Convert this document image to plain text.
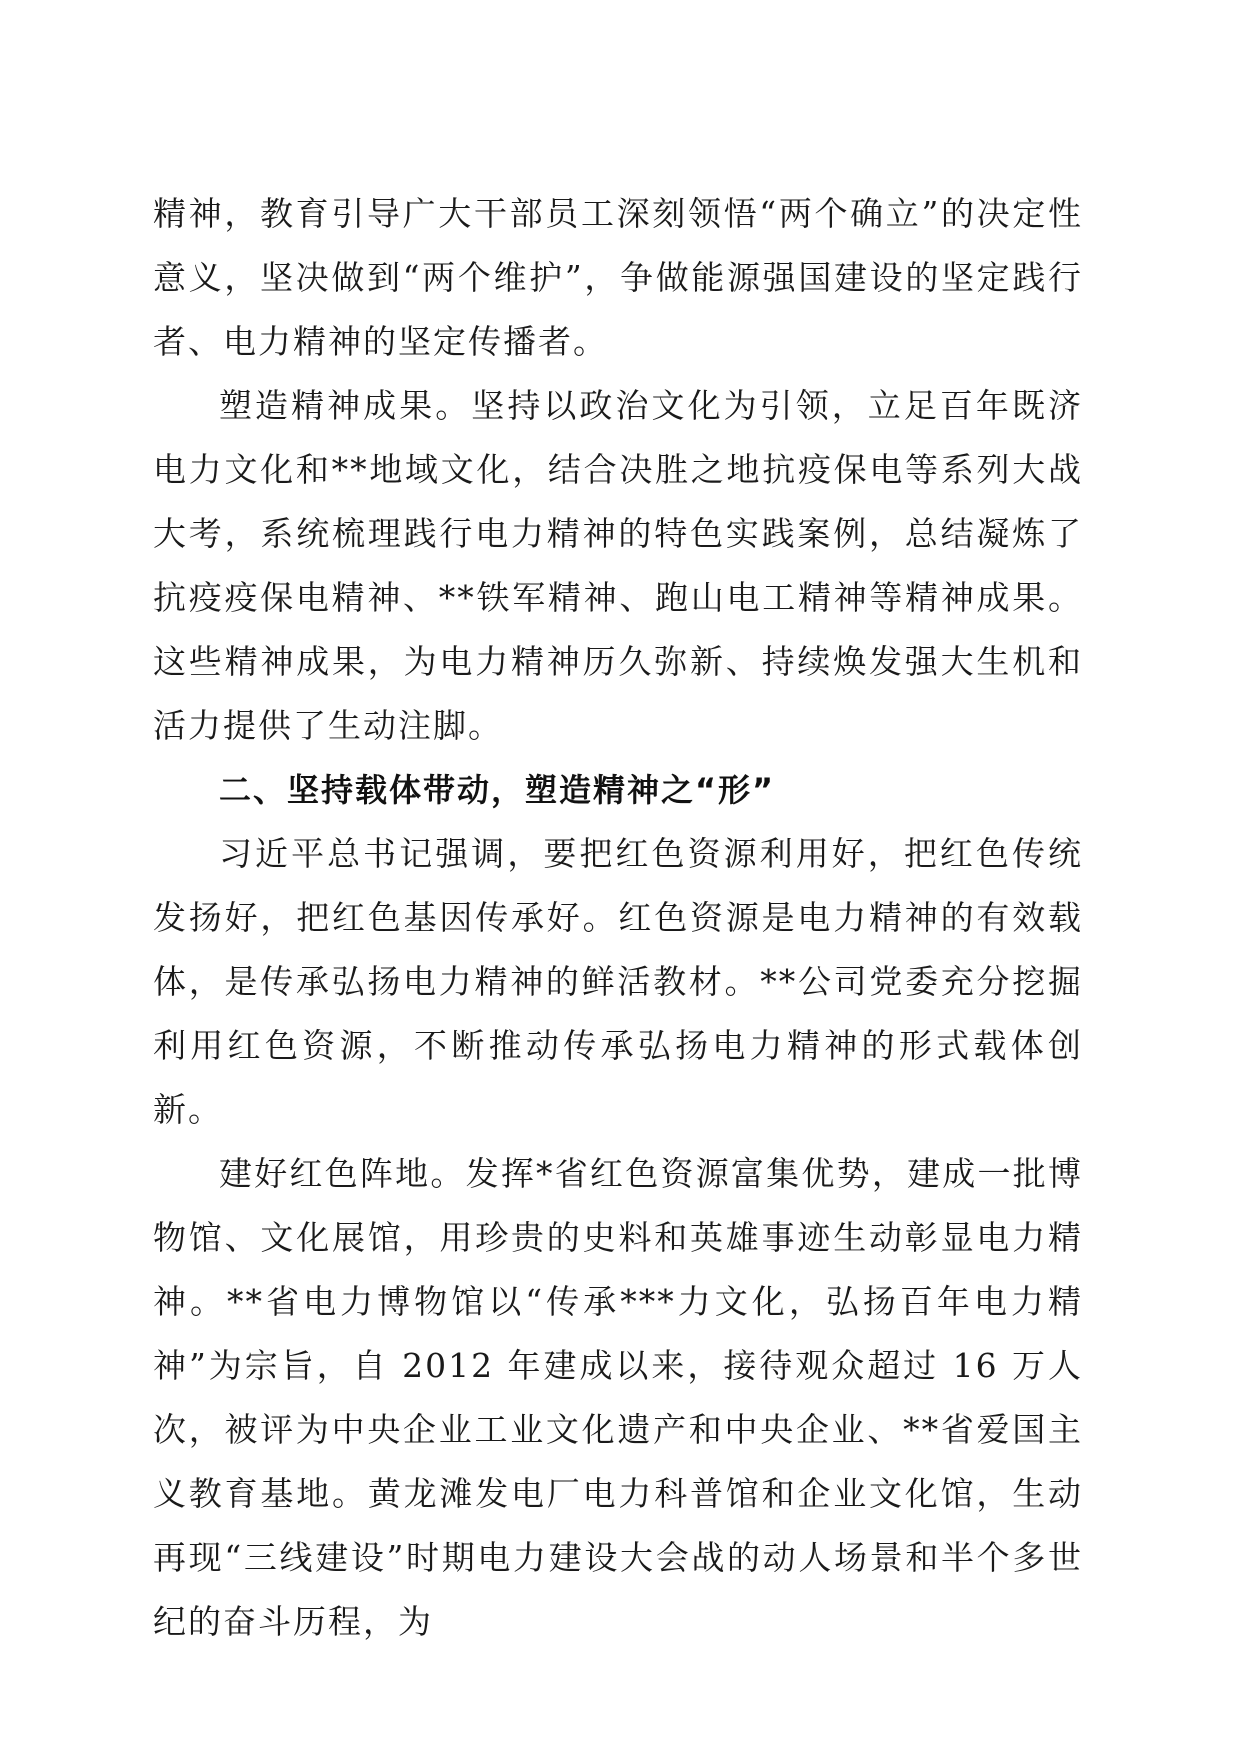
精神，教育引导广大干部员工深刻领悟“两个确立”的决定性意义，坚决做到“两个维护”，争做能源强国建设的坚定践行者、电力精神的坚定传播者。

塑造精神成果。坚持以政治文化为引领，立足百年既济电力文化和**地域文化，结合决胜之地抗疫保电等系列大战大考，系统梳理践行电力精神的特色实践案例，总结凝炼了抗疫疫保电精神、**铁军精神、跑山电工精神等精神成果。这些精神成果，为电力精神历久弥新、持续焕发强大生机和活力提供了生动注脚。

二、坚持载体带动，塑造精神之“形”

习近平总书记强调，要把红色资源利用好，把红色传统发扬好，把红色基因传承好。红色资源是电力精神的有效载体，是传承弘扬电力精神的鲜活教材。**公司党委充分挖掘利用红色资源，不断推动传承弘扬电力精神的形式载体创新。

建好红色阵地。发挥*省红色资源富集优势，建成一批博物馆、文化展馆，用珍贵的史料和英雄事迹生动彰显电力精神。**省电力博物馆以“传承***力文化，弘扬百年电力精神”为宗旨，自 2012 年建成以来，接待观众超过 16 万人次，被评为中央企业工业文化遗产和中央企业、**省爱国主义教育基地。黄龙滩发电厂电力科普馆和企业文化馆，生动再现“三线建设”时期电力建设大会战的动人场景和半个多世纪的奋斗历程，为
